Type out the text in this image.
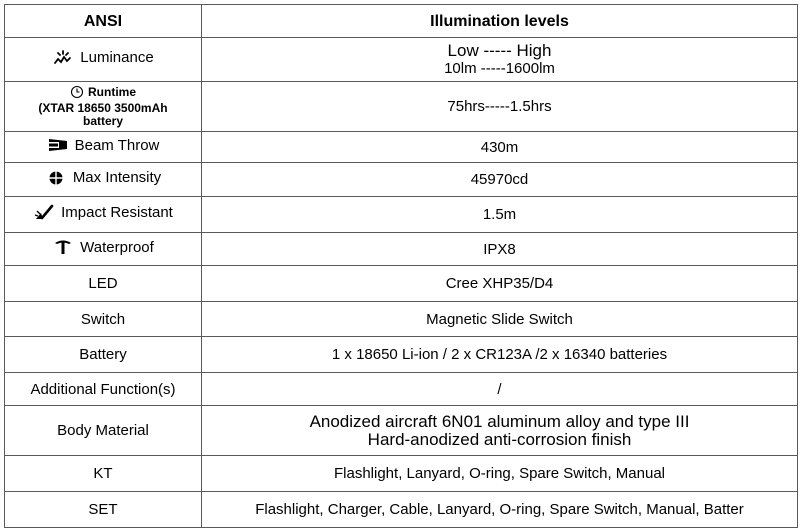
ANSI	Illumination levels

Luminance	Low ----- High
10lm -----1600lm

Runtime
(XTAR 18650 3500mAh
battery	75hrs-----1.5hrs

Beam Throw	430m

Max Intensity	45970cd

Impact Resistant	1.5m

Waterproof	IPX8
LED	Cree XHP35/D4
Switch	Magnetic Slide Switch
Battery	1 x 18650 Li-ion / 2 x CR123A /2 x 16340 batteries
Additional Function(s)	/
Body Material	Anodized aircraft 6N01 aluminum alloy and type III
Hard-anodized anti-corrosion finish

KT	Flashlight, Lanyard, O-ring, Spare Switch, Manual
SET	Flashlight, Charger, Cable, Lanyard, O-ring, Spare Switch, Manual, Batter
